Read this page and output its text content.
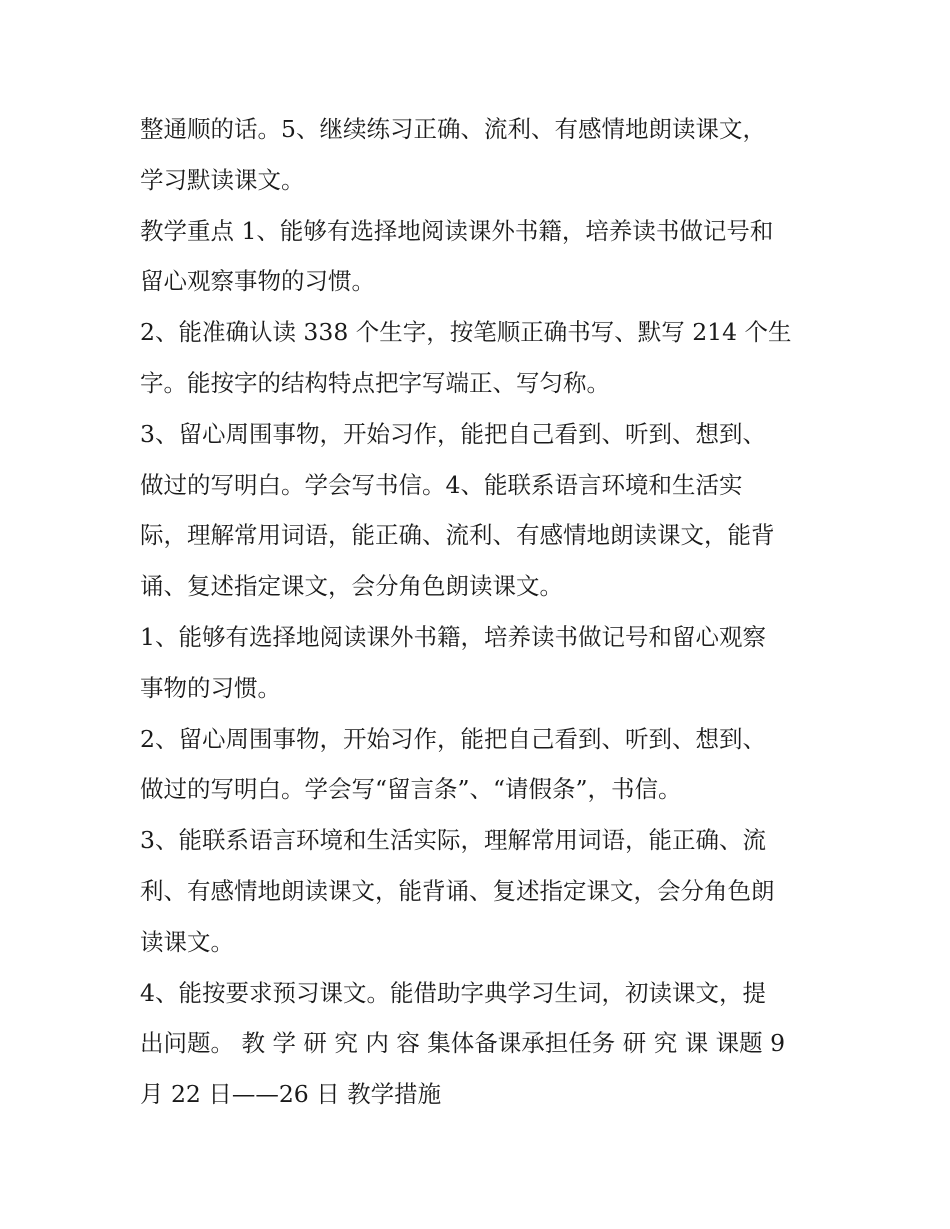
整通顺的话。5、继续练习正确、流利、有感情地朗读课文，
学习默读课文。
教学重点 1、能够有选择地阅读课外书籍，培养读书做记号和
留心观察事物的习惯。
2、能准确认读 338 个生字，按笔顺正确书写、默写 214 个生
字。能按字的结构特点把字写端正、写匀称。
3、留心周围事物，开始习作，能把自己看到、听到、想到、
做过的写明白。学会写书信。4、能联系语言环境和生活实
际，理解常用词语，能正确、流利、有感情地朗读课文，能背
诵、复述指定课文，会分角色朗读课文。
1、能够有选择地阅读课外书籍，培养读书做记号和留心观察
事物的习惯。
2、留心周围事物，开始习作，能把自己看到、听到、想到、
做过的写明白。学会写“留言条”、“请假条”，书信。
3、能联系语言环境和生活实际，理解常用词语，能正确、流
利、有感情地朗读课文，能背诵、复述指定课文，会分角色朗
读课文。
4、能按要求预习课文。能借助字典学习生词，初读课文，提
出问题。 教 学 研 究 内 容 集体备课承担任务 研 究 课 课题 9
月 22 日——26 日 教学措施
